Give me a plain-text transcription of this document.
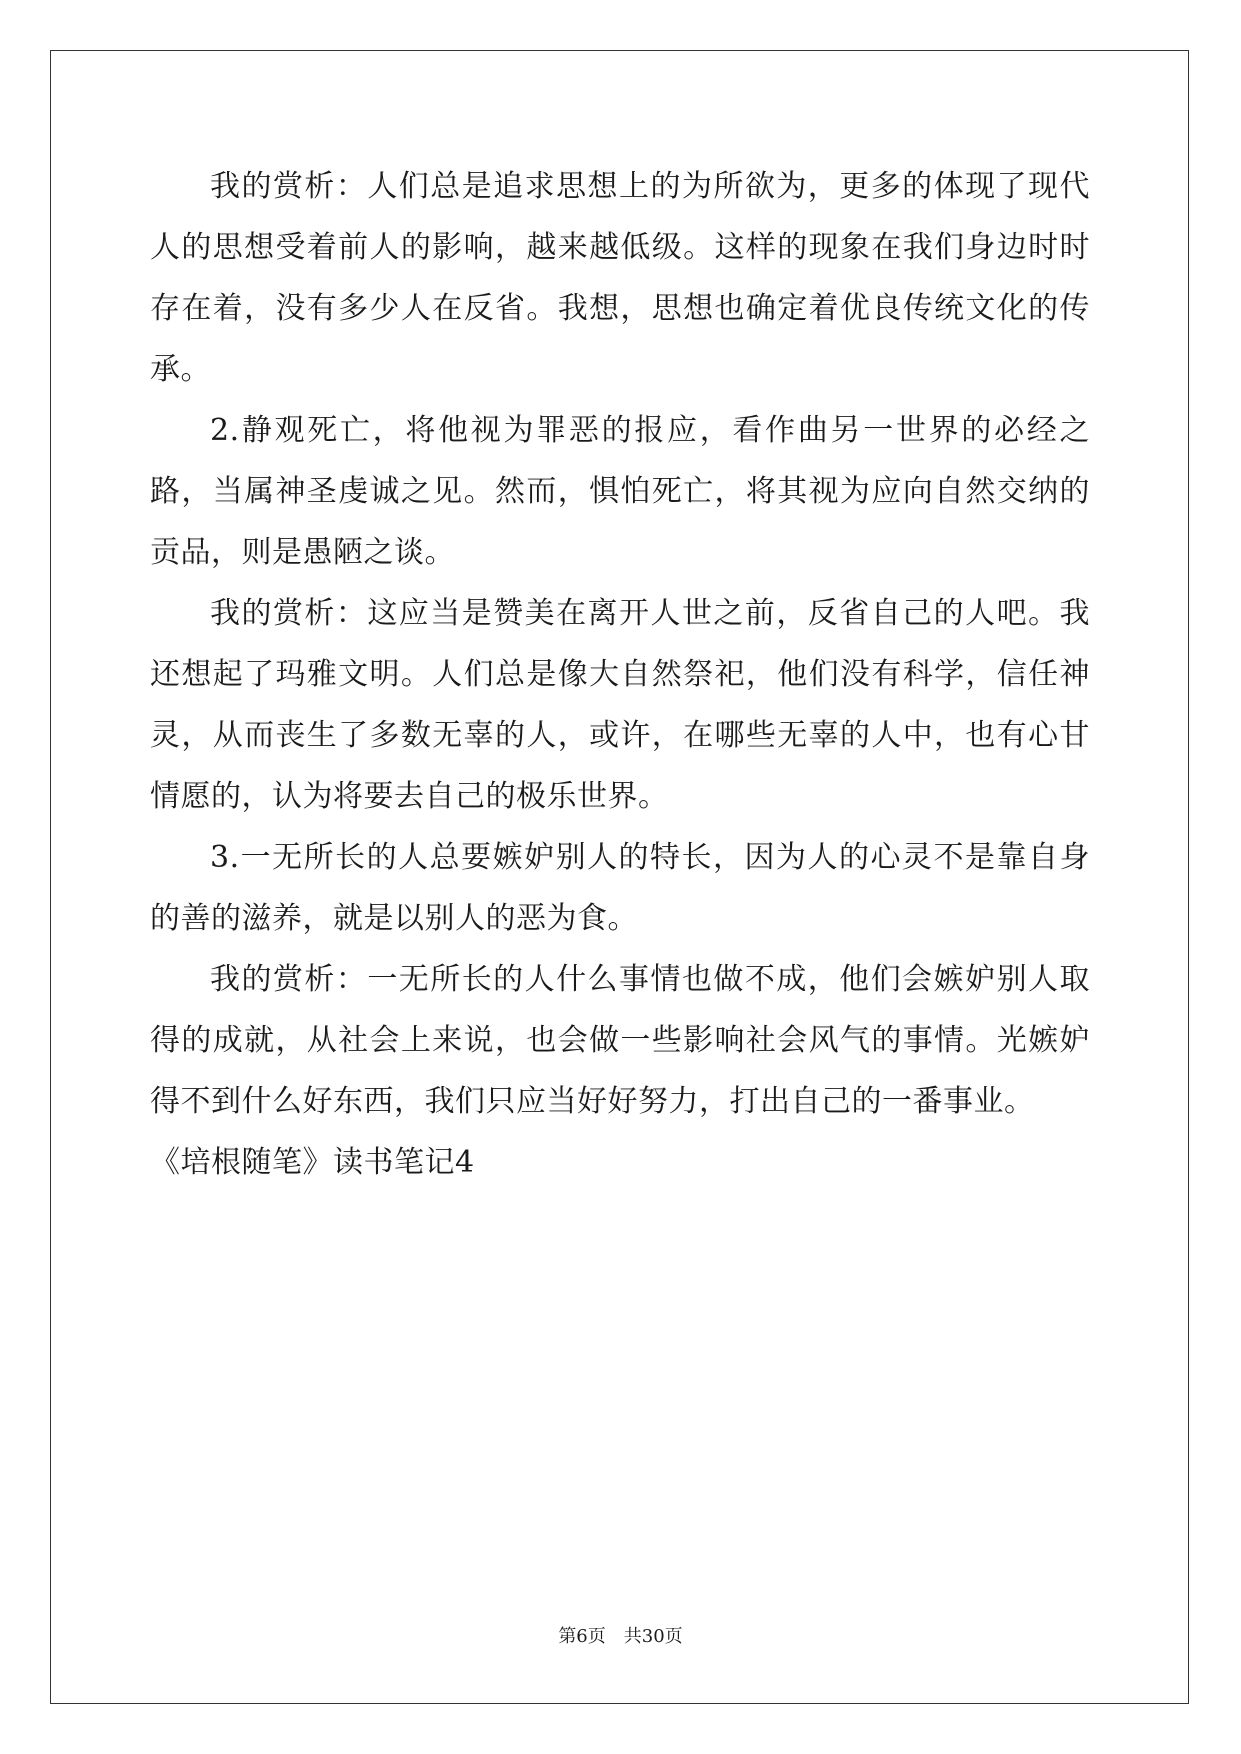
我的赏析：人们总是追求思想上的为所欲为，更多的体现了现代人的思想受着前人的影响，越来越低级。这样的现象在我们身边时时存在着，没有多少人在反省。我想，思想也确定着优良传统文化的传承。

2.静观死亡，将他视为罪恶的报应，看作曲另一世界的必经之路，当属神圣虔诚之见。然而，惧怕死亡，将其视为应向自然交纳的贡品，则是愚陋之谈。

我的赏析：这应当是赞美在离开人世之前，反省自己的人吧。我还想起了玛雅文明。人们总是像大自然祭祀，他们没有科学，信任神灵，从而丧生了多数无辜的人，或许，在哪些无辜的人中，也有心甘情愿的，认为将要去自己的极乐世界。

3.一无所长的人总要嫉妒别人的特长，因为人的心灵不是靠自身的善的滋养，就是以别人的恶为食。

我的赏析：一无所长的人什么事情也做不成，他们会嫉妒别人取得的成就，从社会上来说，也会做一些影响社会风气的事情。光嫉妒得不到什么好东西，我们只应当好好努力，打出自己的一番事业。

《培根随笔》读书笔记4

第6页 共30页
